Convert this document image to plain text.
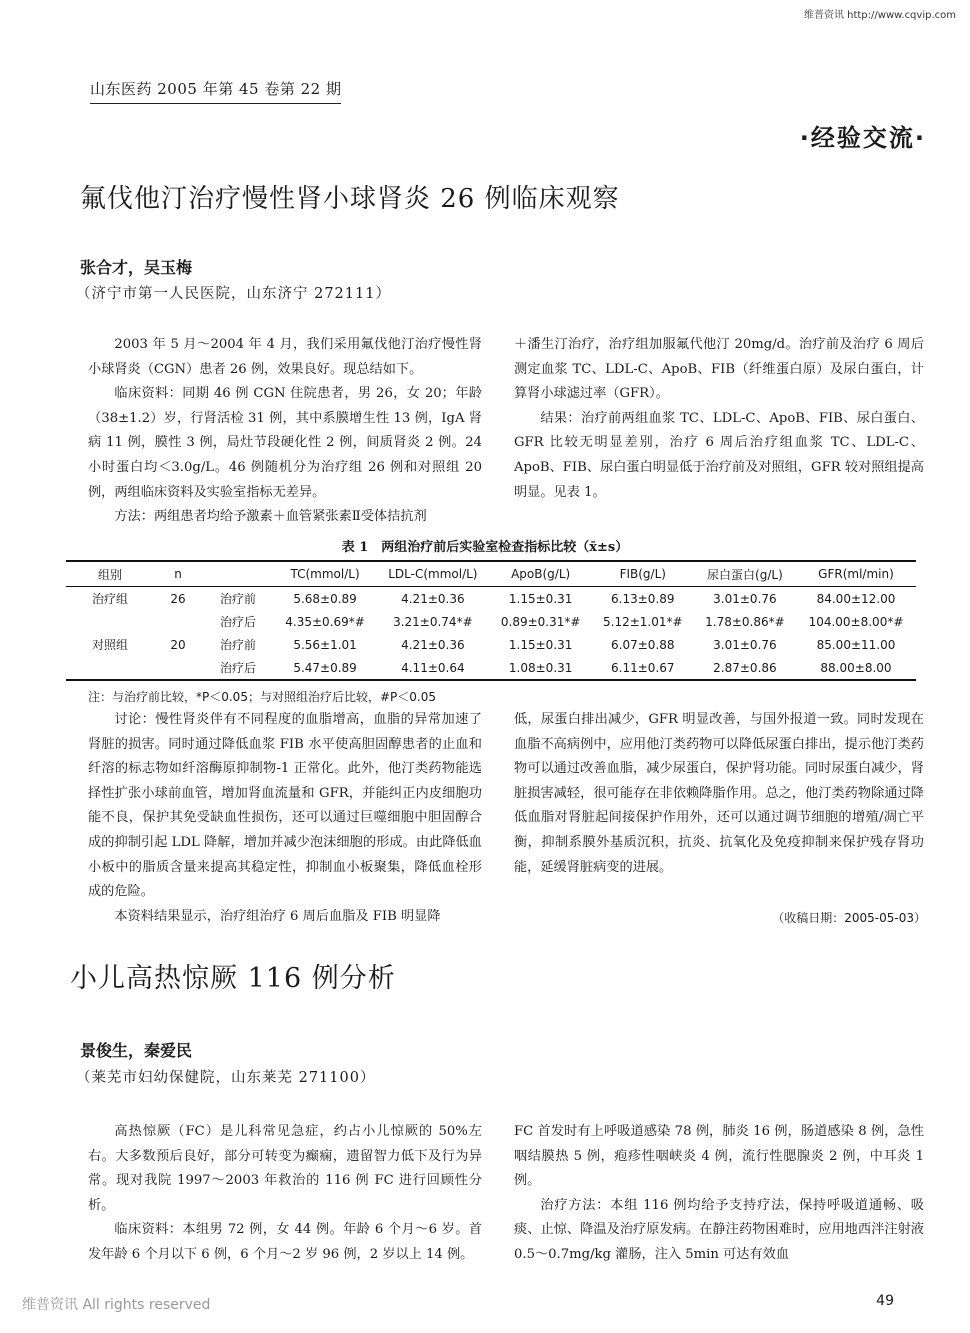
维普资讯 http://www.cqvip.com
山东医药 2005 年第 45 卷第 22 期
·经验交流·
氟伐他汀治疗慢性肾小球肾炎 26 例临床观察
张合才，吴玉梅
（济宁市第一人民医院，山东济宁 272111）

2003 年 5 月～2004 年 4 月，我们采用氟伐他汀治疗慢性肾小球肾炎（CGN）患者 26 例，效果良好。现总结如下。

临床资料：同期 46 例 CGN 住院患者，男 26，女 20；年龄（38±1.2）岁，行肾活检 31 例，其中系膜增生性 13 例，IgA 肾病 11 例，膜性 3 例，局灶节段硬化性 2 例，间质肾炎 2 例。24 小时蛋白均＜3.0g/L。46 例随机分为治疗组 26 例和对照组 20 例，两组临床资料及实验室指标无差异。

方法：两组患者均给予激素＋血管紧张素Ⅱ受体拮抗剂

＋潘生汀治疗，治疗组加服氟代他汀 20mg/d。治疗前及治疗 6 周后测定血浆 TC、LDL-C、ApoB、FIB（纤维蛋白原）及尿白蛋白，计算肾小球滤过率（GFR）。

结果：治疗前两组血浆 TC、LDL-C、ApoB、FIB、尿白蛋白、GFR 比较无明显差别，治疗 6 周后治疗组血浆 TC、LDL-C、ApoB、FIB、尿白蛋白明显低于治疗前及对照组，GFR 较对照组提高明显。见表 1。

表 1　两组治疗前后实验室检查指标比较（x̄±s）
组别	n		TC(mmol/L)	LDL-C(mmol/L)	ApoB(g/L)	FIB(g/L)	尿白蛋白(g/L)	GFR(ml/min)
治疗组	26	治疗前	5.68±0.89	4.21±0.36	1.15±0.31	6.13±0.89	3.01±0.76	84.00±12.00
		治疗后	4.35±0.69*#	3.21±0.74*#	0.89±0.31*#	5.12±1.01*#	1.78±0.86*#	104.00±8.00*#
对照组	20	治疗前	5.56±1.01	4.21±0.36	1.15±0.31	6.07±0.88	3.01±0.76	85.00±11.00
		治疗后	5.47±0.89	4.11±0.64	1.08±0.31	6.11±0.67	2.87±0.86	88.00±8.00
注：与治疗前比较，*P＜0.05；与对照组治疗后比较，#P＜0.05

讨论：慢性肾炎伴有不同程度的血脂增高，血脂的异常加速了肾脏的损害。同时通过降低血浆 FIB 水平使高胆固醇患者的止血和纤溶的标志物如纤溶酶原抑制物-1 正常化。此外，他汀类药物能选择性扩张小球前血管，增加肾血流量和 GFR，并能纠正内皮细胞功能不良，保护其免受缺血性损伤，还可以通过巨噬细胞中胆固醇合成的抑制引起 LDL 降解，增加并减少泡沫细胞的形成。由此降低血小板中的脂质含量来提高其稳定性，抑制血小板聚集，降低血栓形成的危险。

本资料结果显示，治疗组治疗 6 周后血脂及 FIB 明显降

低，尿蛋白排出减少，GFR 明显改善，与国外报道一致。同时发现在血脂不高病例中，应用他汀类药物可以降低尿蛋白排出，提示他汀类药物可以通过改善血脂，减少尿蛋白，保护肾功能。同时尿蛋白减少，肾脏损害减轻，很可能存在非依赖降脂作用。总之，他汀类药物除通过降低血脂对肾脏起间接保护作用外，还可以通过调节细胞的增殖/凋亡平衡，抑制系膜外基质沉积，抗炎、抗氧化及免疫抑制来保护残存肾功能，延缓肾脏病变的进展。

（收稿日期：2005-05-03）
小儿高热惊厥 116 例分析
景俊生，秦爱民
（莱芜市妇幼保健院，山东莱芜 271100）

高热惊厥（FC）是儿科常见急症，约占小儿惊厥的 50%左右。大多数预后良好，部分可转变为癫痫，遗留智力低下及行为异常。现对我院 1997～2003 年救治的 116 例 FC 进行回顾性分析。

临床资料：本组男 72 例，女 44 例。年龄 6 个月～6 岁。首发年龄 6 个月以下 6 例，6 个月～2 岁 96 例，2 岁以上 14 例。

FC 首发时有上呼吸道感染 78 例，肺炎 16 例，肠道感染 8 例，急性咽结膜热 5 例，疱疹性咽峡炎 4 例，流行性腮腺炎 2 例，中耳炎 1 例。

治疗方法：本组 116 例均给予支持疗法，保持呼吸道通畅、吸痰、止惊、降温及治疗原发病。在静注药物困难时，应用地西泮注射液 0.5～0.7mg/kg 灌肠，注入 5min 可达有效血

维普资讯 All rights reserved	49
